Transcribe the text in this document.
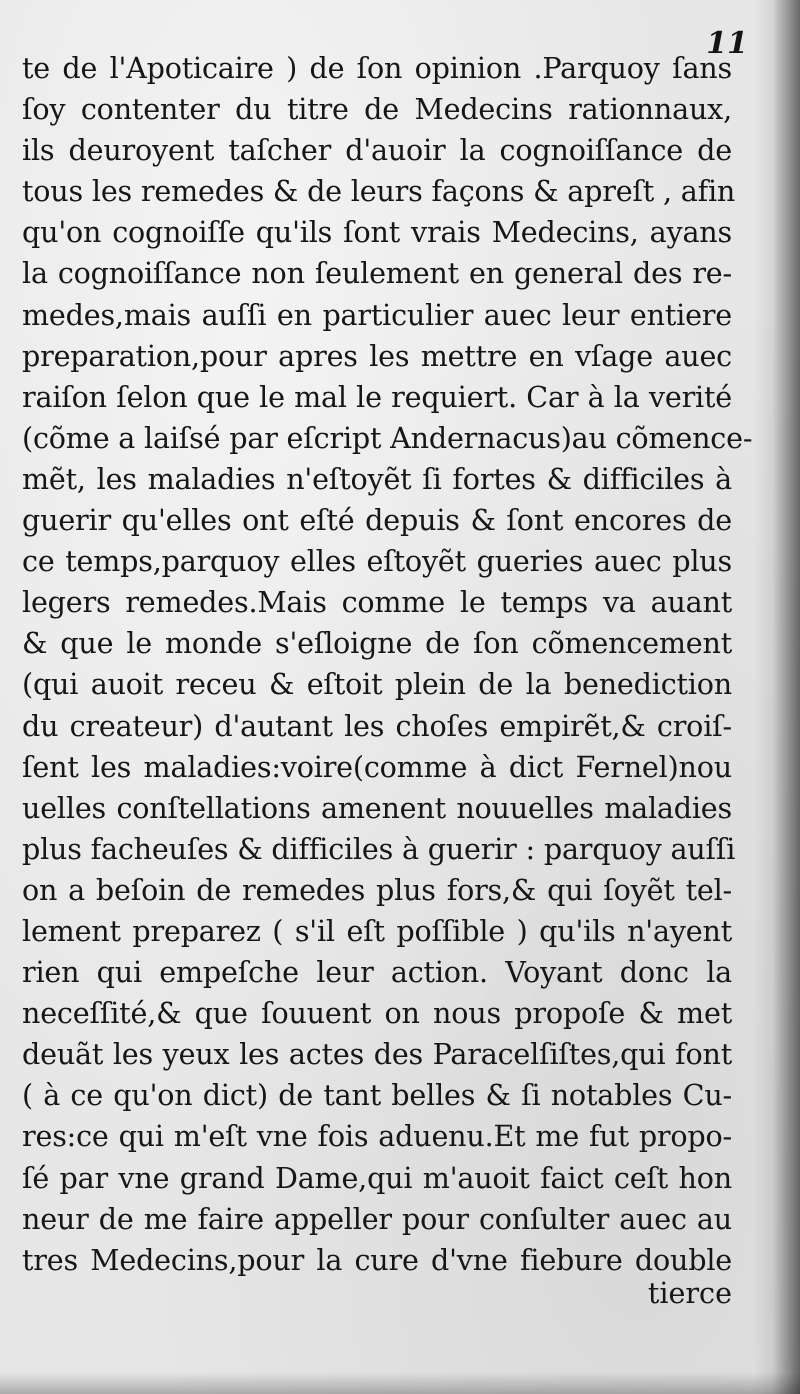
11
te de l'Apoticaire ) de ſon opinion .Parquoy ſans
ſoy contenter du titre de Medecins rationnaux,
ils deuroyent taſcher d'auoir la cognoiſſance de
tous les remedes & de leurs façons & apreſt , afin
qu'on cognoiſſe qu'ils ſont vrais Medecins, ayans
la cognoiſſance non ſeulement en general des re-
medes,mais auſſi en particulier auec leur entiere
preparation,pour apres les mettre en vſage auec
raiſon ſelon que le mal le requiert. Car à la verité
(cõme a laiſsé par eſcript Andernacus)au cõmence-
mẽt, les maladies n'eſtoyẽt ſi fortes & difficiles à
guerir qu'elles ont eſté depuis & ſont encores de
ce temps,parquoy elles eſtoyẽt gueries auec plus
legers remedes.Mais comme le temps va auant
& que le monde s'eſloigne de ſon cõmencement
(qui auoit receu & eſtoit plein de la benediction
du createur) d'autant les choſes empirẽt,& croiſ-
ſent les maladies:voire(comme à dict Fernel)nou
uelles conſtellations amenent nouuelles maladies
plus facheuſes & difficiles à guerir : parquoy auſſi
on a beſoin de remedes plus fors,& qui ſoyẽt tel-
lement preparez ( s'il eſt poſſible ) qu'ils n'ayent
rien qui empeſche leur action. Voyant donc la
neceſſité,& que ſouuent on nous propoſe & met
deuãt les yeux les actes des Paracelſiſtes,qui font
( à ce qu'on dict) de tant belles & ſi notables Cu-
res:ce qui m'eſt vne fois aduenu.Et me fut propo-
ſé par vne grand Dame,qui m'auoit faict ceſt hon
neur de me faire appeller pour conſulter auec au
tres Medecins,pour la cure d'vne fiebure double
tierce
